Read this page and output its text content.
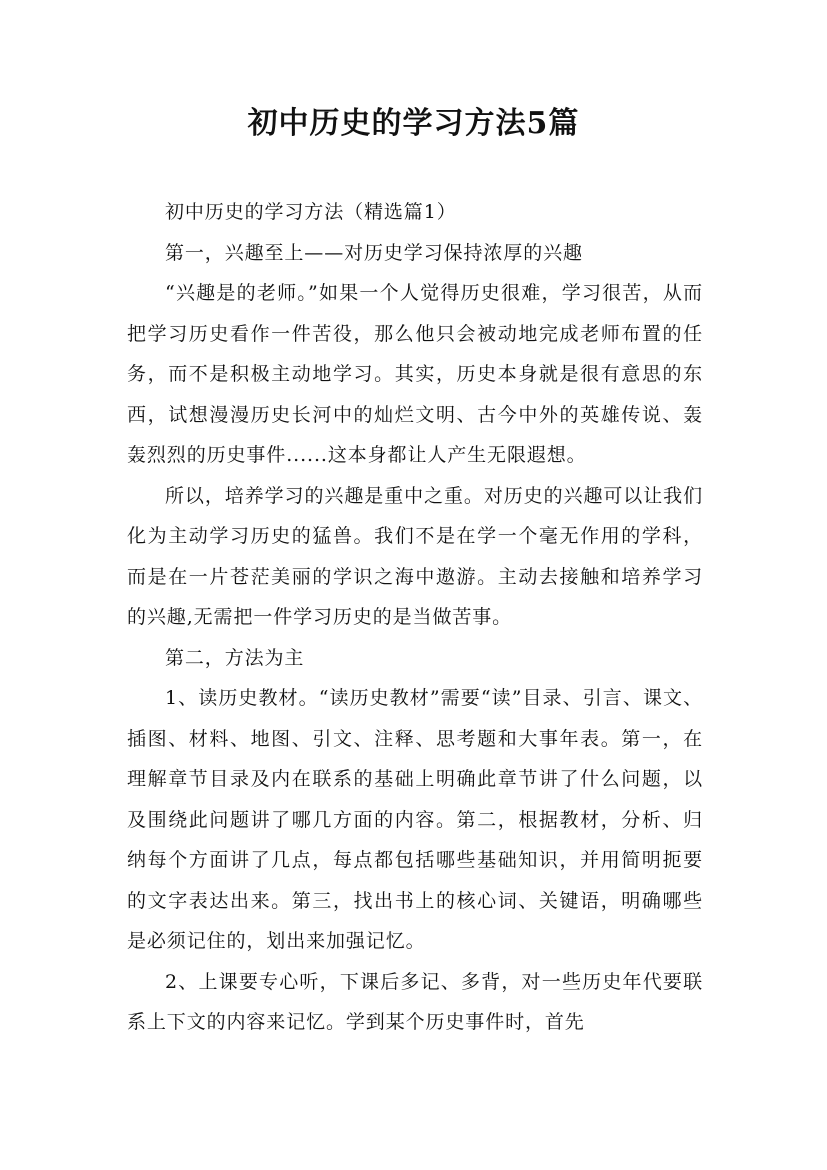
初中历史的学习方法5篇

初中历史的学习方法（精选篇1）

第一，兴趣至上——对历史学习保持浓厚的兴趣

“兴趣是的老师。”如果一个人觉得历史很难，学习很苦，从而把学习历史看作一件苦役，那么他只会被动地完成老师布置的任务，而不是积极主动地学习。其实，历史本身就是很有意思的东西，试想漫漫历史长河中的灿烂文明、古今中外的英雄传说、轰轰烈烈的历史事件......这本身都让人产生无限遐想。

所以，培养学习的兴趣是重中之重。对历史的兴趣可以让我们化为主动学习历史的猛兽。我们不是在学一个毫无作用的学科，而是在一片苍茫美丽的学识之海中遨游。主动去接触和培养学习的兴趣,无需把一件学习历史的是当做苦事。

第二，方法为主

1、读历史教材。“读历史教材”需要“读”目录、引言、课文、插图、材料、地图、引文、注释、思考题和大事年表。第一，在理解章节目录及内在联系的基础上明确此章节讲了什么问题，以及围绕此问题讲了哪几方面的内容。第二，根据教材，分析、归纳每个方面讲了几点，每点都包括哪些基础知识，并用简明扼要的文字表达出来。第三，找出书上的核心词、关键语，明确哪些是必须记住的，划出来加强记忆。

2、上课要专心听，下课后多记、多背，对一些历史年代要联系上下文的内容来记忆。学到某个历史事件时，首先
